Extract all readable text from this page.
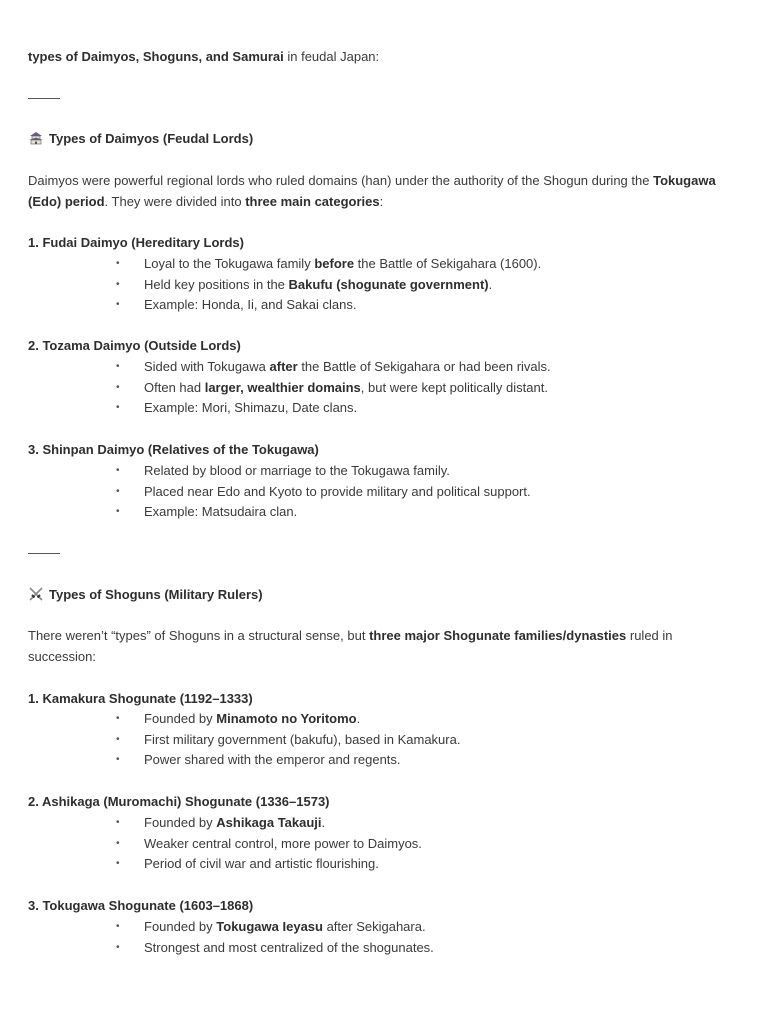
types of Daimyos, Shoguns, and Samurai in feudal Japan:

Types of Daimyos (Feudal Lords)

Daimyos were powerful regional lords who ruled domains (han) under the authority of the Shogun during the Tokugawa (Edo) period. They were divided into three main categories:

1. Fudai Daimyo (Hereditary Lords)

• Loyal to the Tokugawa family before the Battle of Sekigahara (1600).
• Held key positions in the Bakufu (shogunate government).
• Example: Honda, Ii, and Sakai clans.

2. Tozama Daimyo (Outside Lords)

• Sided with Tokugawa after the Battle of Sekigahara or had been rivals.
• Often had larger, wealthier domains, but were kept politically distant.
• Example: Mori, Shimazu, Date clans.

3. Shinpan Daimyo (Relatives of the Tokugawa)

• Related by blood or marriage to the Tokugawa family.
• Placed near Edo and Kyoto to provide military and political support.
• Example: Matsudaira clan.

Types of Shoguns (Military Rulers)

There weren’t “types” of Shoguns in a structural sense, but three major Shogunate families/dynasties ruled in succession:

1. Kamakura Shogunate (1192–1333)

• Founded by Minamoto no Yoritomo.
• First military government (bakufu), based in Kamakura.
• Power shared with the emperor and regents.

2. Ashikaga (Muromachi) Shogunate (1336–1573)

• Founded by Ashikaga Takauji.
• Weaker central control, more power to Daimyos.
• Period of civil war and artistic flourishing.

3. Tokugawa Shogunate (1603–1868)

• Founded by Tokugawa Ieyasu after Sekigahara.
• Strongest and most centralized of the shogunates.
